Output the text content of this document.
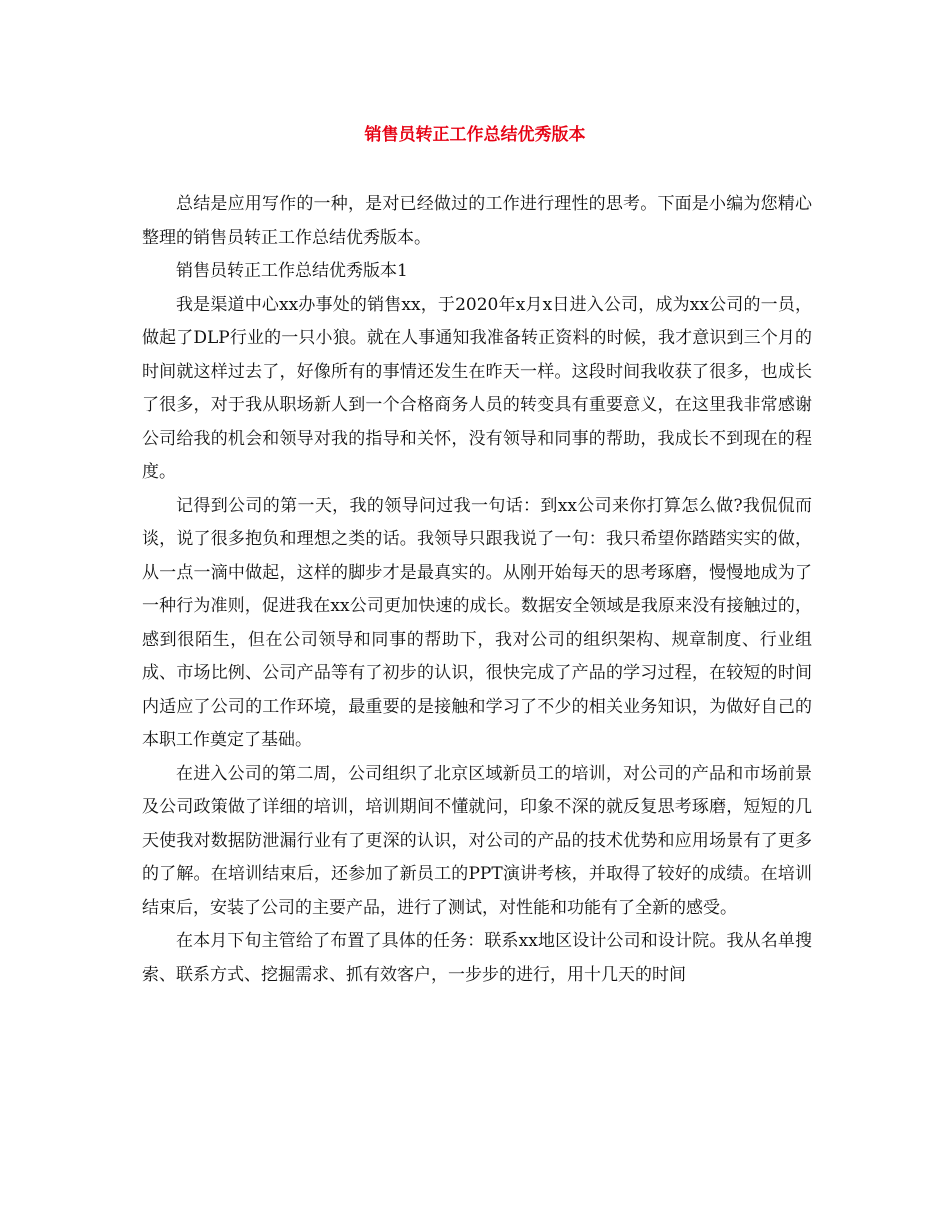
销售员转正工作总结优秀版本

总结是应用写作的一种，是对已经做过的工作进行理性的思考。下面是小编为您精心整理的销售员转正工作总结优秀版本。

销售员转正工作总结优秀版本1

我是渠道中心xx办事处的销售xx，于2020年x月x日进入公司，成为xx公司的一员，做起了DLP行业的一只小狼。就在人事通知我准备转正资料的时候，我才意识到三个月的时间就这样过去了，好像所有的事情还发生在昨天一样。这段时间我收获了很多，也成长了很多，对于我从职场新人到一个合格商务人员的转变具有重要意义，在这里我非常感谢公司给我的机会和领导对我的指导和关怀，没有领导和同事的帮助，我成长不到现在的程度。

记得到公司的第一天，我的领导问过我一句话：到xx公司来你打算怎么做?我侃侃而谈，说了很多抱负和理想之类的话。我领导只跟我说了一句：我只希望你踏踏实实的做，从一点一滴中做起，这样的脚步才是最真实的。从刚开始每天的思考琢磨，慢慢地成为了一种行为准则，促进我在xx公司更加快速的成长。数据安全领域是我原来没有接触过的，感到很陌生，但在公司领导和同事的帮助下，我对公司的组织架构、规章制度、行业组成、市场比例、公司产品等有了初步的认识，很快完成了产品的学习过程，在较短的时间内适应了公司的工作环境，最重要的是接触和学习了不少的相关业务知识，为做好自己的本职工作奠定了基础。

在进入公司的第二周，公司组织了北京区域新员工的培训，对公司的产品和市场前景及公司政策做了详细的培训，培训期间不懂就问，印象不深的就反复思考琢磨，短短的几天使我对数据防泄漏行业有了更深的认识，对公司的产品的技术优势和应用场景有了更多的了解。在培训结束后，还参加了新员工的PPT演讲考核，并取得了较好的成绩。在培训结束后，安装了公司的主要产品，进行了测试，对性能和功能有了全新的感受。

在本月下旬主管给了布置了具体的任务：联系xx地区设计公司和设计院。我从名单搜索、联系方式、挖掘需求、抓有效客户，一步步的进行，用十几天的时间
